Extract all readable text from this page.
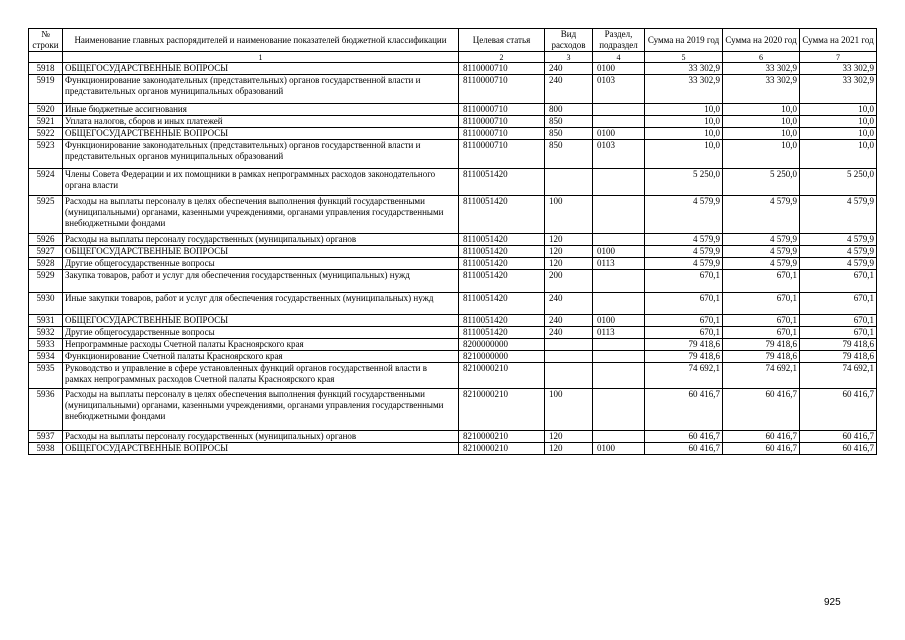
№ строки	Наименование главных распорядителей и наименование показателей бюджетной классификации	Целевая статья	Вид расходов	Раздел, подраздел	Сумма на 2019 год	Сумма на 2020 год	Сумма на 2021 год
	1	2	3	4	5	6	7
5918	ОБЩЕГОСУДАРСТВЕННЫЕ ВОПРОСЫ	8110000710	240	0100	33 302,9	33 302,9	33 302,9
5919	Функционирование законодательных (представительных) органов государственной власти и представительных органов муниципальных образований	8110000710	240	0103	33 302,9	33 302,9	33 302,9
5920	Иные бюджетные ассигнования	8110000710	800		10,0	10,0	10,0
5921	Уплата налогов, сборов и иных платежей	8110000710	850		10,0	10,0	10,0
5922	ОБЩЕГОСУДАРСТВЕННЫЕ ВОПРОСЫ	8110000710	850	0100	10,0	10,0	10,0
5923	Функционирование законодательных (представительных) органов государственной власти и представительных органов муниципальных образований	8110000710	850	0103	10,0	10,0	10,0
5924	Члены Совета Федерации и их помощники в рамках непрограммных расходов законодательного органа власти	8110051420			5 250,0	5 250,0	5 250,0
5925	Расходы на выплаты персоналу в целях обеспечения выполнения функций государственными (муниципальными) органами, казенными учреждениями, органами управления государственными внебюджетными фондами	8110051420	100		4 579,9	4 579,9	4 579,9
5926	Расходы на выплаты персоналу государственных (муниципальных) органов	8110051420	120		4 579,9	4 579,9	4 579,9
5927	ОБЩЕГОСУДАРСТВЕННЫЕ ВОПРОСЫ	8110051420	120	0100	4 579,9	4 579,9	4 579,9
5928	Другие общегосударственные вопросы	8110051420	120	0113	4 579,9	4 579,9	4 579,9
5929	Закупка товаров, работ и услуг для обеспечения государственных (муниципальных) нужд	8110051420	200		670,1	670,1	670,1
5930	Иные закупки товаров, работ и услуг для обеспечения государственных (муниципальных) нужд	8110051420	240		670,1	670,1	670,1
5931	ОБЩЕГОСУДАРСТВЕННЫЕ ВОПРОСЫ	8110051420	240	0100	670,1	670,1	670,1
5932	Другие общегосударственные вопросы	8110051420	240	0113	670,1	670,1	670,1
5933	Непрограммные расходы Счетной палаты Красноярского края	8200000000			79 418,6	79 418,6	79 418,6
5934	Функционирование Счетной палаты Красноярского края	8210000000			79 418,6	79 418,6	79 418,6
5935	Руководство и управление в сфере установленных функций органов государственной власти в рамках непрограммных расходов Счетной палаты Красноярского края	8210000210			74 692,1	74 692,1	74 692,1
5936	Расходы на выплаты персоналу в целях обеспечения выполнения функций государственными (муниципальными) органами, казенными учреждениями, органами управления государственными внебюджетными фондами	8210000210	100		60 416,7	60 416,7	60 416,7
5937	Расходы на выплаты персоналу государственных (муниципальных) органов	8210000210	120		60 416,7	60 416,7	60 416,7
5938	ОБЩЕГОСУДАРСТВЕННЫЕ ВОПРОСЫ	8210000210	120	0100	60 416,7	60 416,7	60 416,7
925
